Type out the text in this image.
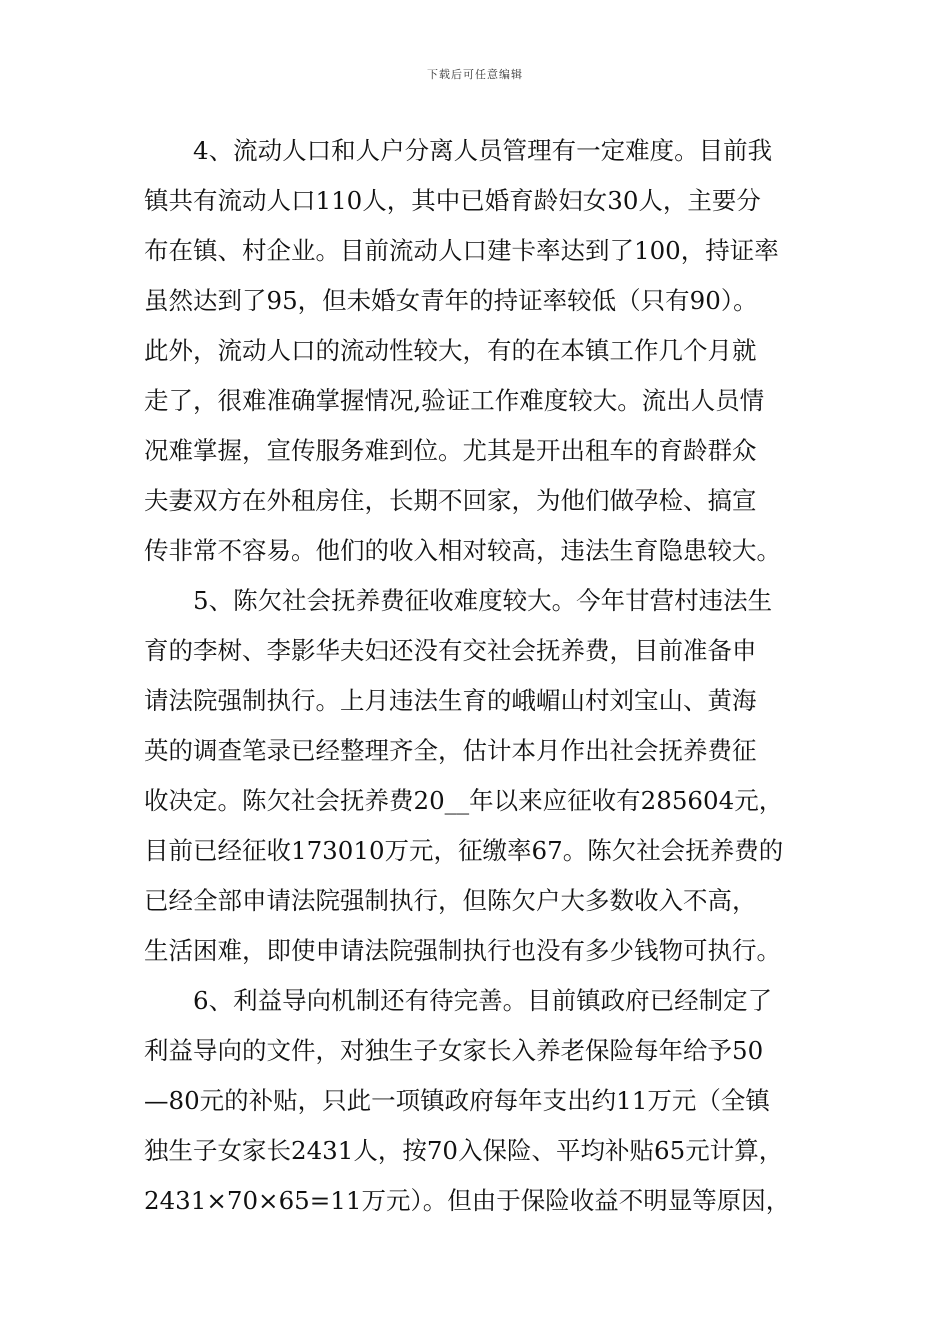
下载后可任意编辑
4、流动人口和人户分离人员管理有一定难度。目前我
镇共有流动人口110人，其中已婚育龄妇女30人，主要分
布在镇、村企业。目前流动人口建卡率达到了100，持证率
虽然达到了95，但未婚女青年的持证率较低（只有90）。
此外，流动人口的流动性较大，有的在本镇工作几个月就
走了，很难准确掌握情况,验证工作难度较大。流出人员情
况难掌握，宣传服务难到位。尤其是开出租车的育龄群众
夫妻双方在外租房住，长期不回家，为他们做孕检、搞宣
传非常不容易。他们的收入相对较高，违法生育隐患较大。
5、陈欠社会抚养费征收难度较大。今年甘营村违法生
育的李树、李影华夫妇还没有交社会抚养费，目前准备申
请法院强制执行。上月违法生育的峨嵋山村刘宝山、黄海
英的调查笔录已经整理齐全，估计本月作出社会抚养费征
收决定。陈欠社会抚养费20__年以来应征收有285604元，
目前已经征收173010万元，征缴率67。陈欠社会抚养费的
已经全部申请法院强制执行，但陈欠户大多数收入不高，
生活困难，即使申请法院强制执行也没有多少钱物可执行。
6、利益导向机制还有待完善。目前镇政府已经制定了
利益导向的文件，对独生子女家长入养老保险每年给予50
—80元的补贴，只此一项镇政府每年支出约11万元（全镇
独生子女家长2431人，按70入保险、平均补贴65元计算，
2431×70×65=11万元）。但由于保险收益不明显等原因，
